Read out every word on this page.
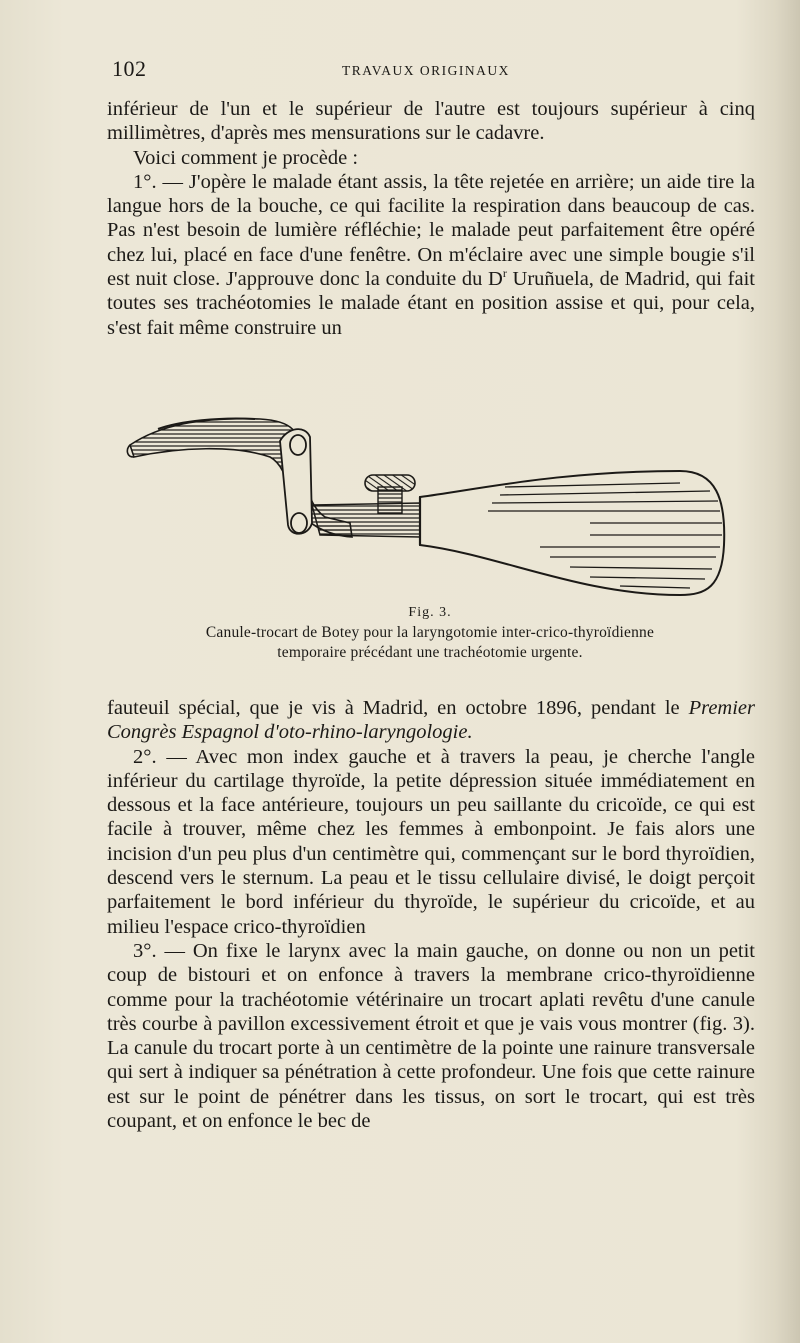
102	TRAVAUX ORIGINAUX

inférieur de l'un et le supérieur de l'autre est toujours supérieur à cinq millimètres, d'après mes mensurations sur le cadavre.

Voici comment je procède :

1°. — J'opère le malade étant assis, la tête rejetée en arrière; un aide tire la langue hors de la bouche, ce qui facilite la respiration dans beaucoup de cas. Pas n'est besoin de lumière réfléchie; le malade peut parfaitement être opéré chez lui, placé en face d'une fenêtre. On m'éclaire avec une simple bougie s'il est nuit close. J'approuve donc la conduite du $D^r$ Uruñuela, de Madrid, qui fait toutes ses trachéotomies le malade étant en position assise et qui, pour cela, s'est fait même construire un

Fig. 3.
Canule-trocart de Botey pour la laryngotomie inter-crico-thyroïdienne
temporaire précédant une trachéotomie urgente.

fauteuil spécial, que je vis à Madrid, en octobre 1896, pendant le Premier Congrès Espagnol d'oto-rhino-laryngologie.

2°. — Avec mon index gauche et à travers la peau, je cherche l'angle inférieur du cartilage thyroïde, la petite dépression située immédiatement en dessous et la face antérieure, toujours un peu saillante du cricoïde, ce qui est facile à trouver, même chez les femmes à embonpoint. Je fais alors une incision d'un peu plus d'un centimètre qui, commençant sur le bord thyroïdien, descend vers le sternum. La peau et le tissu cellulaire divisé, le doigt perçoit parfaitement le bord inférieur du thyroïde, le supérieur du cricoïde, et au milieu l'espace crico-thyroïdien

3°. — On fixe le larynx avec la main gauche, on donne ou non un petit coup de bistouri et on enfonce à travers la membrane crico-thyroïdienne comme pour la trachéotomie vétérinaire un trocart aplati revêtu d'une canule très courbe à pavillon excessivement étroit et que je vais vous montrer (fig. 3). La canule du trocart porte à un centimètre de la pointe une rainure transversale qui sert à indiquer sa pénétration à cette profondeur. Une fois que cette rainure est sur le point de pénétrer dans les tissus, on sort le trocart, qui est très coupant, et on enfonce le bec de
